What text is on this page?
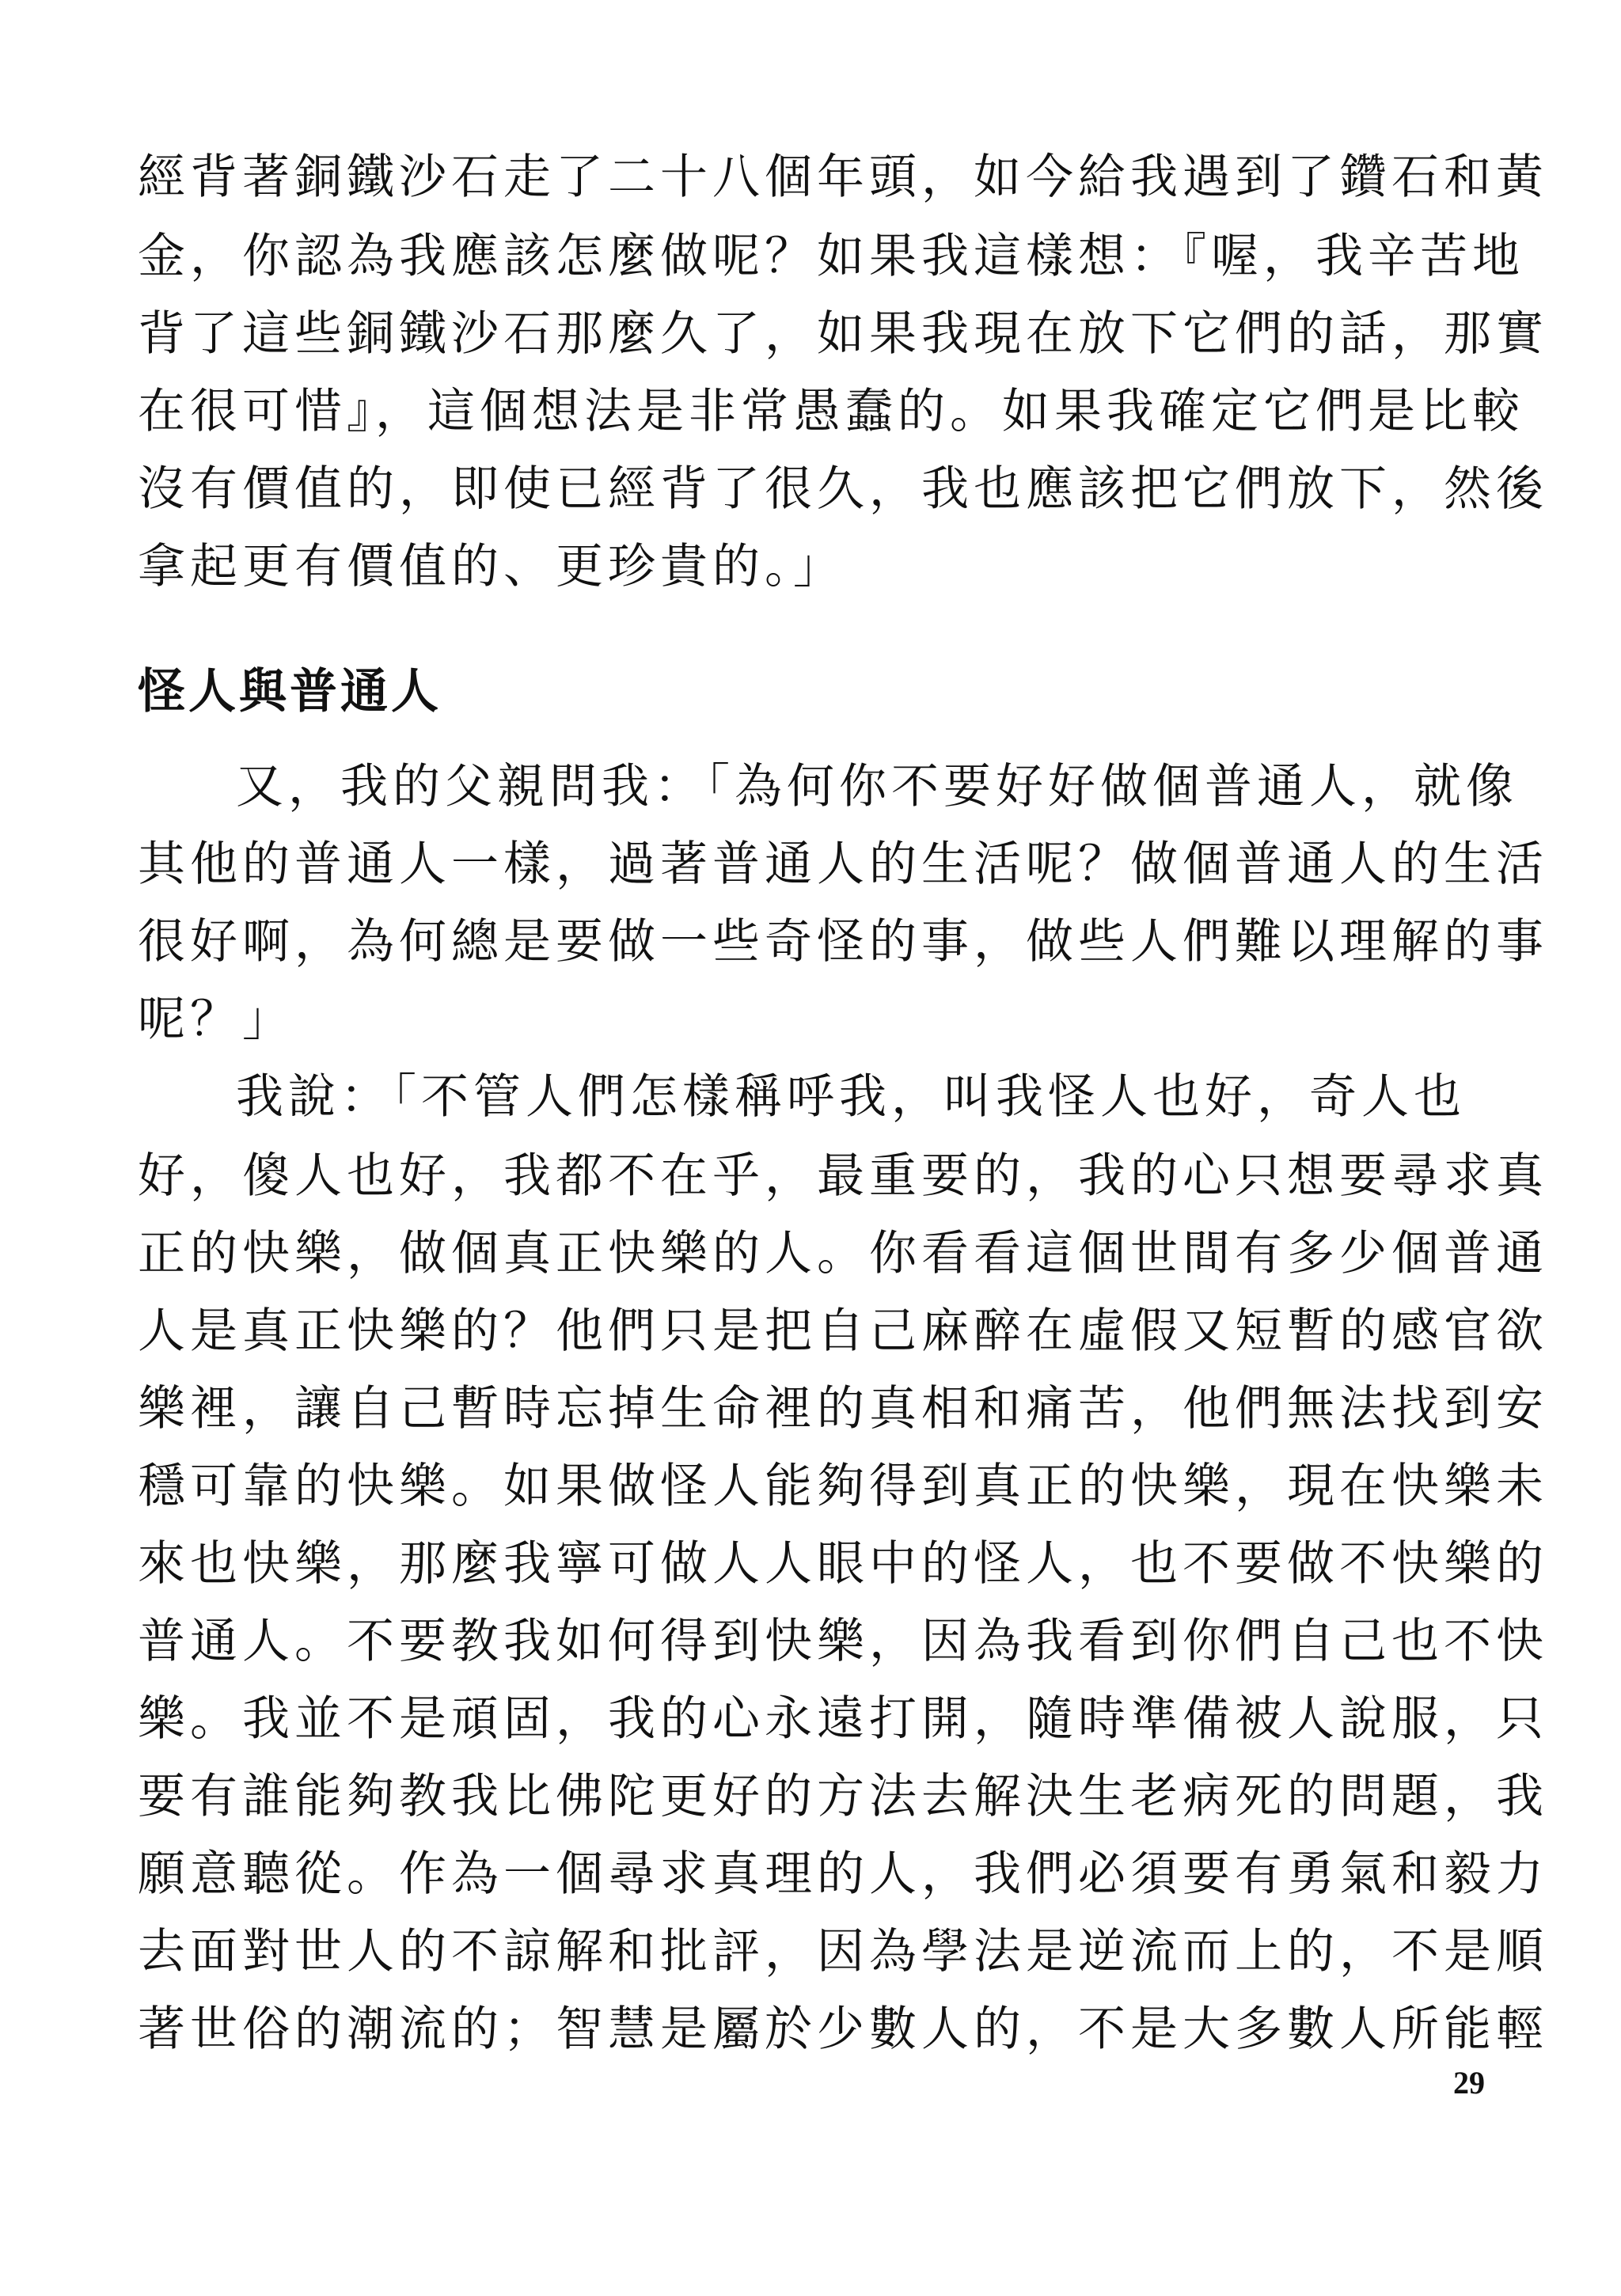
經背著銅鐵沙石走了二十八個年頭，如今給我遇到了鑽石和黃
金，你認為我應該怎麼做呢？如果我這樣想：『喔，我辛苦地
背了這些銅鐵沙石那麼久了，如果我現在放下它們的話，那實
在很可惜』，這個想法是非常愚蠢的。如果我確定它們是比較
沒有價值的，即使已經背了很久，我也應該把它們放下，然後
拿起更有價值的、更珍貴的。」
怪人與普通人
又，我的父親問我：「為何你不要好好做個普通人，就像
其他的普通人一樣，過著普通人的生活呢？做個普通人的生活
很好啊，為何總是要做一些奇怪的事，做些人們難以理解的事
呢？」
我說：「不管人們怎樣稱呼我，叫我怪人也好，奇人也
好，傻人也好，我都不在乎，最重要的，我的心只想要尋求真
正的快樂，做個真正快樂的人。你看看這個世間有多少個普通
人是真正快樂的？他們只是把自己麻醉在虛假又短暫的感官欲
樂裡，讓自己暫時忘掉生命裡的真相和痛苦，他們無法找到安
穩可靠的快樂。如果做怪人能夠得到真正的快樂，現在快樂未
來也快樂，那麼我寧可做人人眼中的怪人，也不要做不快樂的
普通人。不要教我如何得到快樂，因為我看到你們自己也不快
樂。我並不是頑固，我的心永遠打開，隨時準備被人說服，只
要有誰能夠教我比佛陀更好的方法去解決生老病死的問題，我
願意聽從。作為一個尋求真理的人，我們必須要有勇氣和毅力
去面對世人的不諒解和批評，因為學法是逆流而上的，不是順
著世俗的潮流的；智慧是屬於少數人的，不是大多數人所能輕
29
